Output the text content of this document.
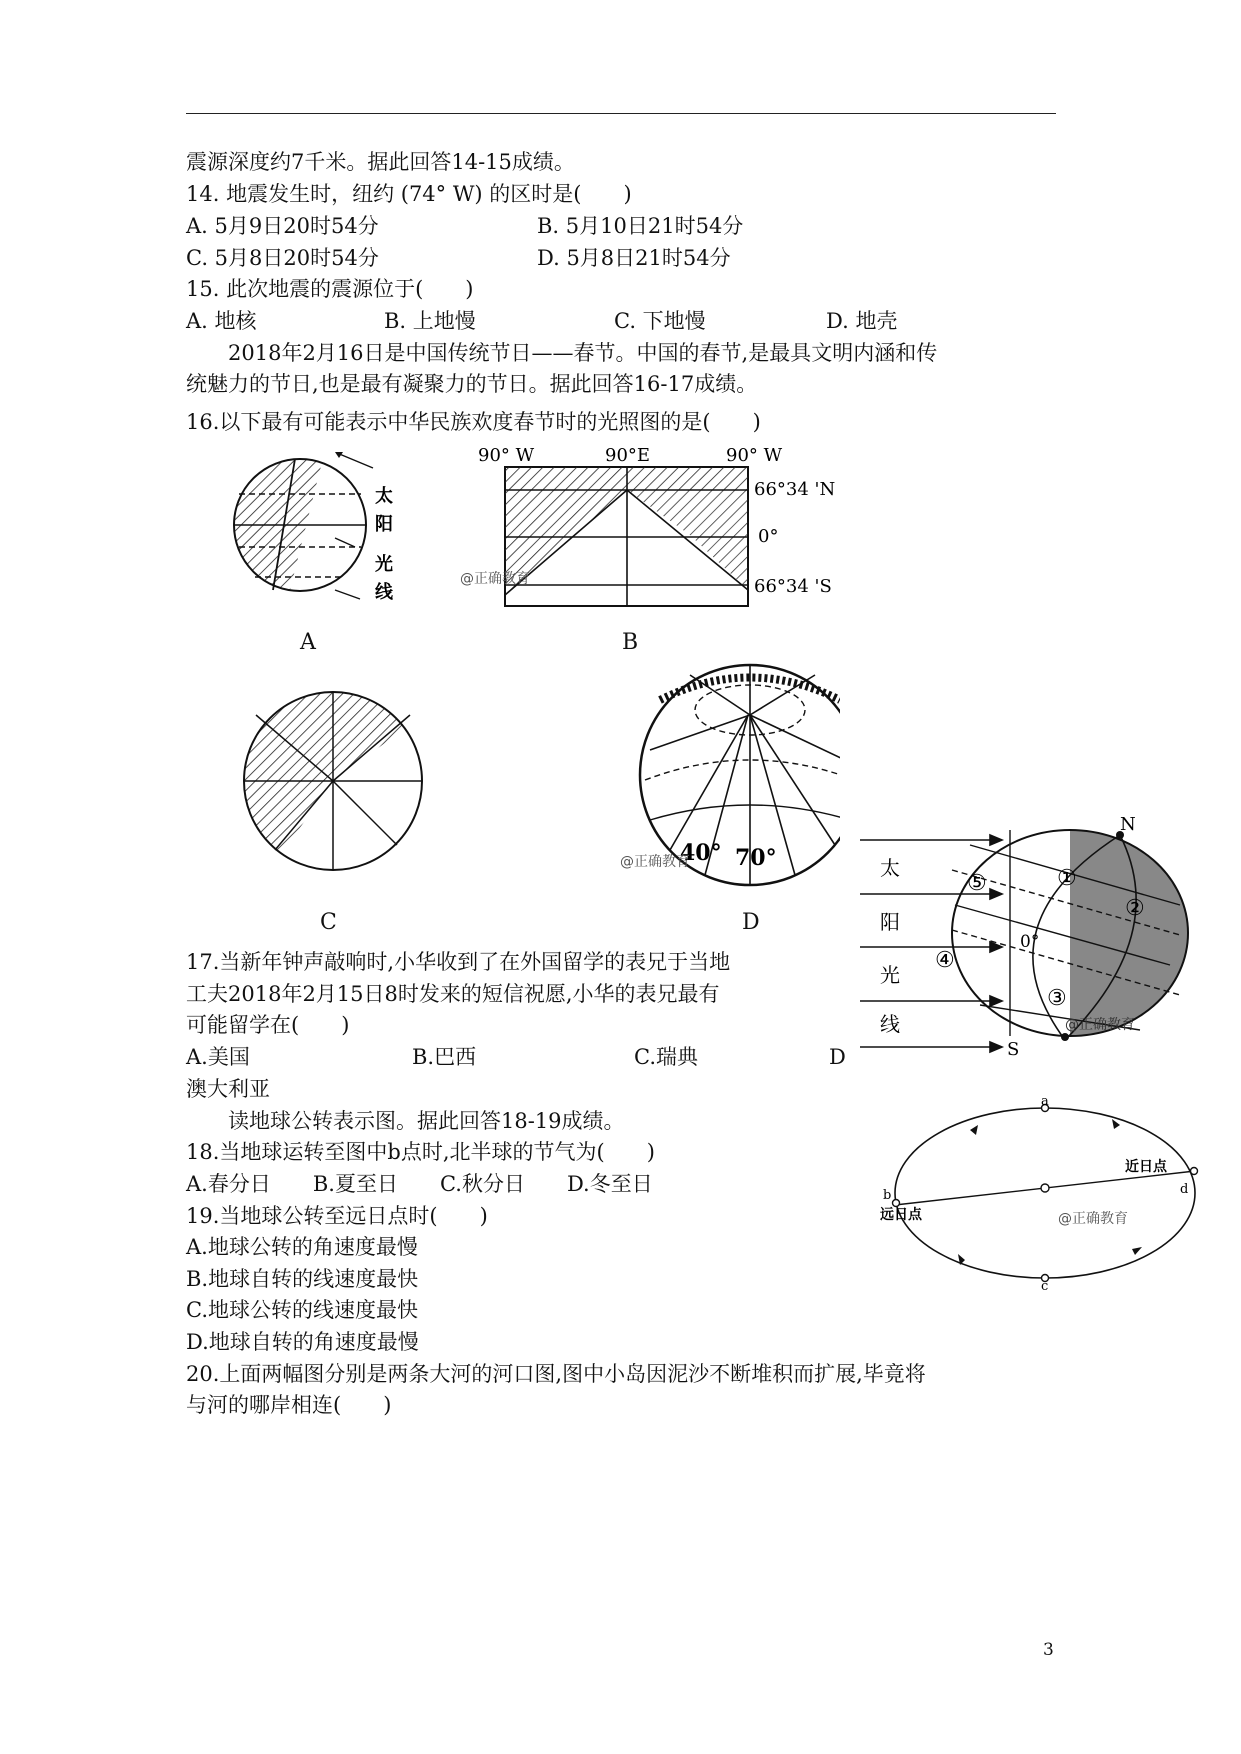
震源深度约7千米。据此回答14-15成绩。
14. 地震发生时，纽约 (74° W) 的区时是(　　)
A. 5月9日20时54分	B. 5月10日21时54分
C. 5月8日20时54分	D. 5月8日21时54分
15. 此次地震的震源位于(　　)
A. 地核	B. 上地慢	C. 下地慢	D. 地壳
　　2018年2月16日是中国传统节日——春节。中国的春节,是最具文明内涵和传
统魅力的节日,也是最有凝聚力的节日。据此回答16-17成绩。
16.以下最有可能表示中华民族欢度春节时的光照图的是(　　)
太
阳
光
线
A
90° W	90°E	90° W
66°34 'N
0°
66°34 'S
@正确教育
B
C
40° 70°
@正确教育
D
太
阳
光
线
N
S
0°
①
②
③
④
⑤
@正确教育
17.当新年钟声敲响时,小华收到了在外国留学的表兄于当地
工夫2018年2月15日8时发来的短信祝愿,小华的表兄最有
可能留学在(　　)
A.美国	B.巴西	C.瑞典	D
澳大利亚
　　读地球公转表示图。据此回答18-19成绩。
18.当地球运转至图中b点时,北半球的节气为(　　)
A.春分日　　B.夏至日　　C.秋分日　　D.冬至日
19.当地球公转至远日点时(　　)
A.地球公转的角速度最慢
B.地球自转的线速度最快
C.地球公转的线速度最快
D.地球自转的角速度最慢
20.上面两幅图分别是两条大河的河口图,图中小岛因泥沙不断堆积而扩展,毕竟将
与河的哪岸相连(　　)
a
b
c
d
近日点
远日点	@正确教育
3
